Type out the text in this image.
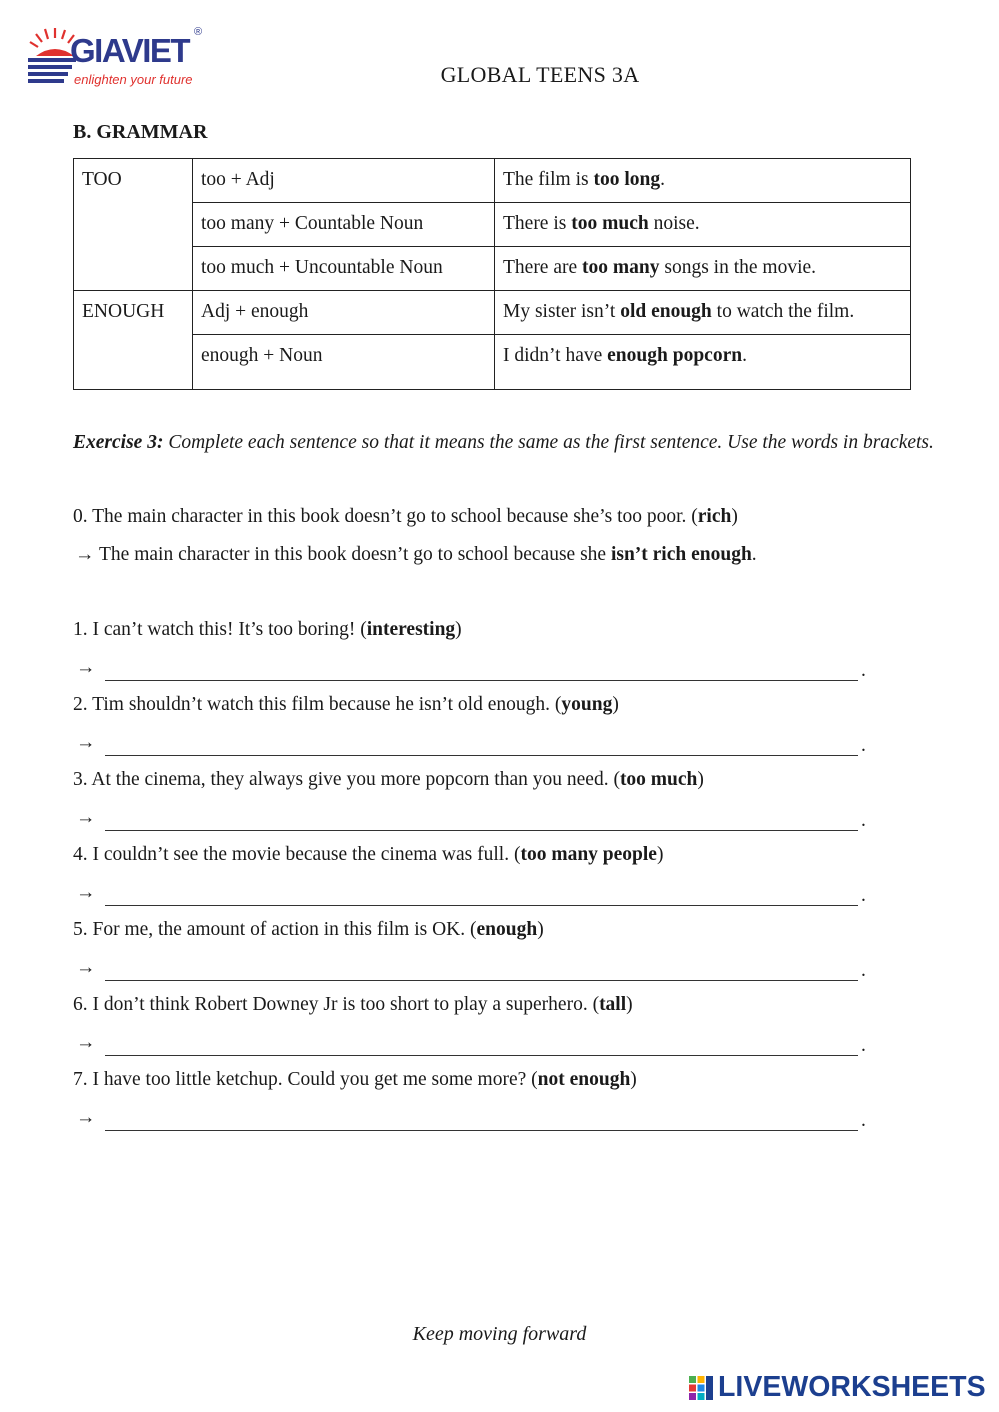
GIAVIET ®
enlighten your future	GLOBAL TEENS 3A
B. GRAMMAR
TOO	too + Adj	The film is too long.
	too many + Countable Noun	There is too much noise.
	too much + Uncountable Noun	There are too many songs in the movie.
ENOUGH	Adj + enough	My sister isn’t old enough to watch the film.
	enough + Noun	I didn’t have enough popcorn.
Exercise 3: Complete each sentence so that it means the same as the first sentence. Use the words in brackets.
0. The main character in this book doesn’t go to school because she’s too poor. (rich)
→ The main character in this book doesn’t go to school because she isn’t rich enough.
1. I can’t watch this! It’s too boring! (interesting)
→	.
2. Tim shouldn’t watch this film because he isn’t old enough. (young)
→	.
3. At the cinema, they always give you more popcorn than you need. (too much)
→	.
4. I couldn’t see the movie because the cinema was full. (too many people)
→	.
5. For me, the amount of action in this film is OK. (enough)
→	.
6. I don’t think Robert Downey Jr is too short to play a superhero. (tall)
→	.
7. I have too little ketchup. Could you get me some more? (not enough)
→	.
Keep moving forward
LIVEWORKSHEETS
